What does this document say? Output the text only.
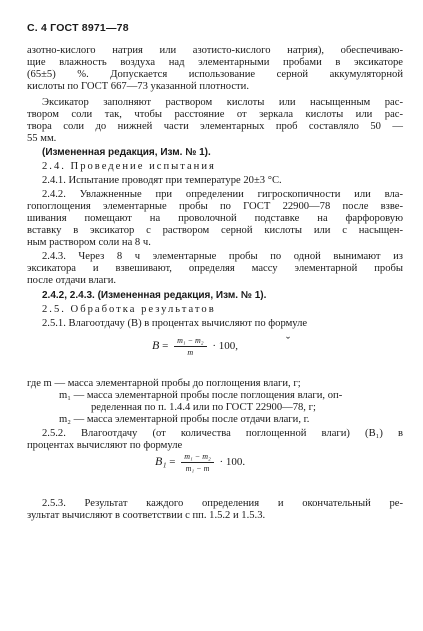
С. 4 ГОСТ 8971—78
азотно-кислого натрия или азотисто-кислого натрия), обеспечиваю-
щие влажность воздуха над элементарными пробами в эксикаторе
(65±5) %. Допускается использование серной аккумуляторной
кислоты по ГОСТ 667—73 указанной плотности.
Эксикатор заполняют раствором кислоты или насыщенным рас-
твором соли так, чтобы расстояние от зеркала кислоты или рас-
твора соли до нижней части элементарных проб составляло 50 —
55 мм.
(Измененная редакция, Изм. № 1).
2.4. Проведение испытания
2.4.1. Испытание проводят при температуре 20±3 °С.
2.4.2. Увлажненные при определении гигроскопичности или вла-
гопоглощения элементарные пробы по ГОСТ 22900—78 после взве-
шивания помещают на проволочной подставке на фарфоровую
вставку в эксикатор с раствором серной кислоты или с насыщен-
ным раствором соли на 8 ч.
2.4.3. Через 8 ч элементарные пробы по одной вынимают из
эксикатора и взвешивают, определяя массу элементарной пробы
после отдачи влаги.
2.4.2, 2.4.3. (Измененная редакция, Изм. № 1).
2.5. Обработка результатов
2.5.1. Влагоотдачу (B) в процентах вычисляют по формуле
$B = \frac{\text{m₁ − m₂}}{m} \cdot 100$,
где m — масса элементарной пробы до поглощения влаги, г;
m₁ — масса элементарной пробы после поглощения влаги, оп-
ределенная по п. 1.4.4 или по ГОСТ 22900—78, г;
m₂ — масса элементарной пробы после отдачи влаги, г.
2.5.2. Влагоотдачу (от количества поглощенной влаги) (B₁) в
процентах вычисляют по формуле
$B_1 = \frac{\text{m₁ − m₂}}{\text{m₁ − m}} \cdot 100$.
2.5.3. Результат каждого определения и окончательный ре-
зультат вычисляют в соответствии с пп. 1.5.2 и 1.5.3.
ˇ
